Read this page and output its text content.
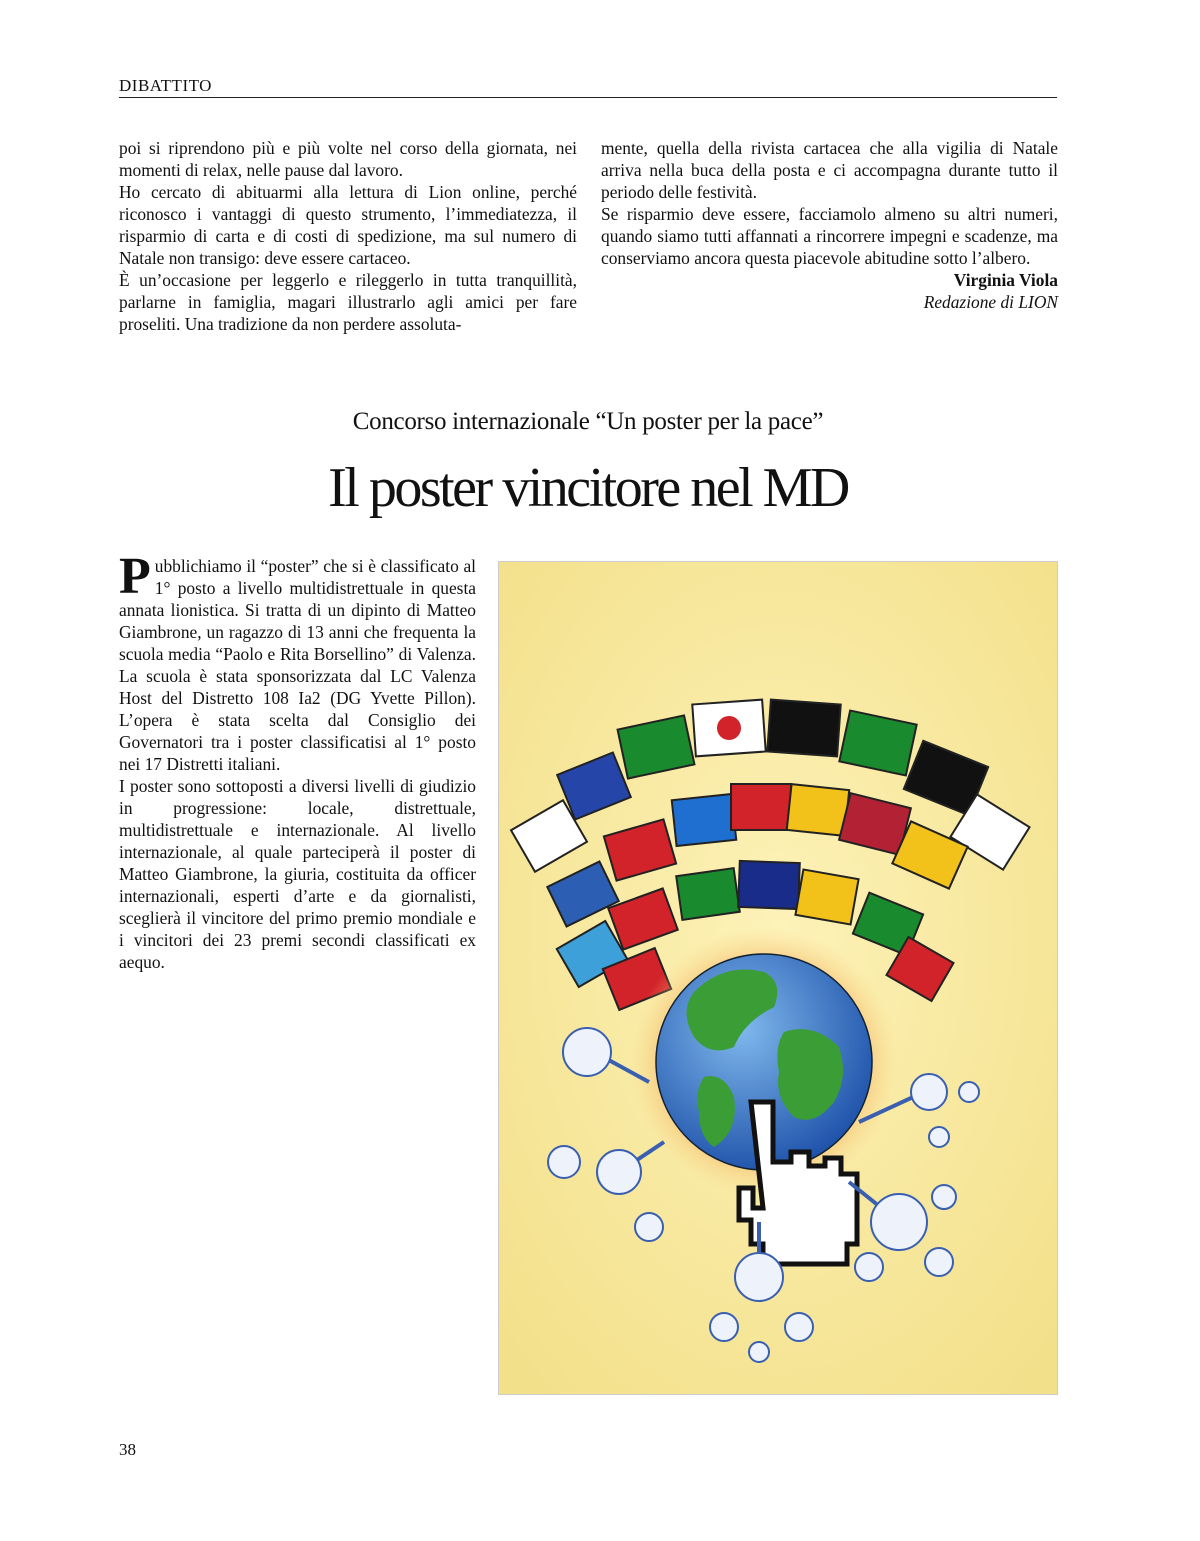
DIBATTITO

poi si riprendono più e più volte nel corso della giornata, nei momenti di relax, nelle pause dal lavoro.

Ho cercato di abituarmi alla lettura di Lion online, perché riconosco i vantaggi di questo strumento, l’immediatezza, il risparmio di carta e di costi di spedizione, ma sul numero di Natale non transigo: deve essere cartaceo.

È un’occasione per leggerlo e rileggerlo in tutta tranquillità, parlarne in famiglia, magari illustrarlo agli amici per fare proseliti. Una tradizione da non perdere assoluta-

mente, quella della rivista cartacea che alla vigilia di Natale arriva nella buca della posta e ci accompagna durante tutto il periodo delle festività.

Se risparmio deve essere, facciamolo almeno su altri numeri, quando siamo tutti affannati a rincorrere impegni e scadenze, ma conserviamo ancora questa piacevole abitudine sotto l’albero.

Virginia Viola
Redazione di LION
Concorso internazionale “Un poster per la pace”
Il poster vincitore nel MD

Pubblichiamo il “poster” che si è classificato al 1° posto a livello multidistrettuale in questa annata lionistica. Si tratta di un dipinto di Matteo Giambrone, un ragazzo di 13 anni che frequenta la scuola media “Paolo e Rita Borsellino” di Valenza. La scuola è stata sponsorizzata dal LC Valenza Host del Distretto 108 Ia2 (DG Yvette Pillon). L’opera è stata scelta dal Consiglio dei Governatori tra i poster classificatisi al 1° posto nei 17 Distretti italiani.

I poster sono sottoposti a diversi livelli di giudizio in progressione: locale, distrettuale, multidistrettuale e internazionale. Al livello internazionale, al quale parteciperà il poster di Matteo Giambrone, la giuria, costituita da officer internazionali, esperti d’arte e da giornalisti, sceglierà il vincitore del primo premio mondiale e i vincitori dei 23 premi secondi classificati ex aequo.

38
